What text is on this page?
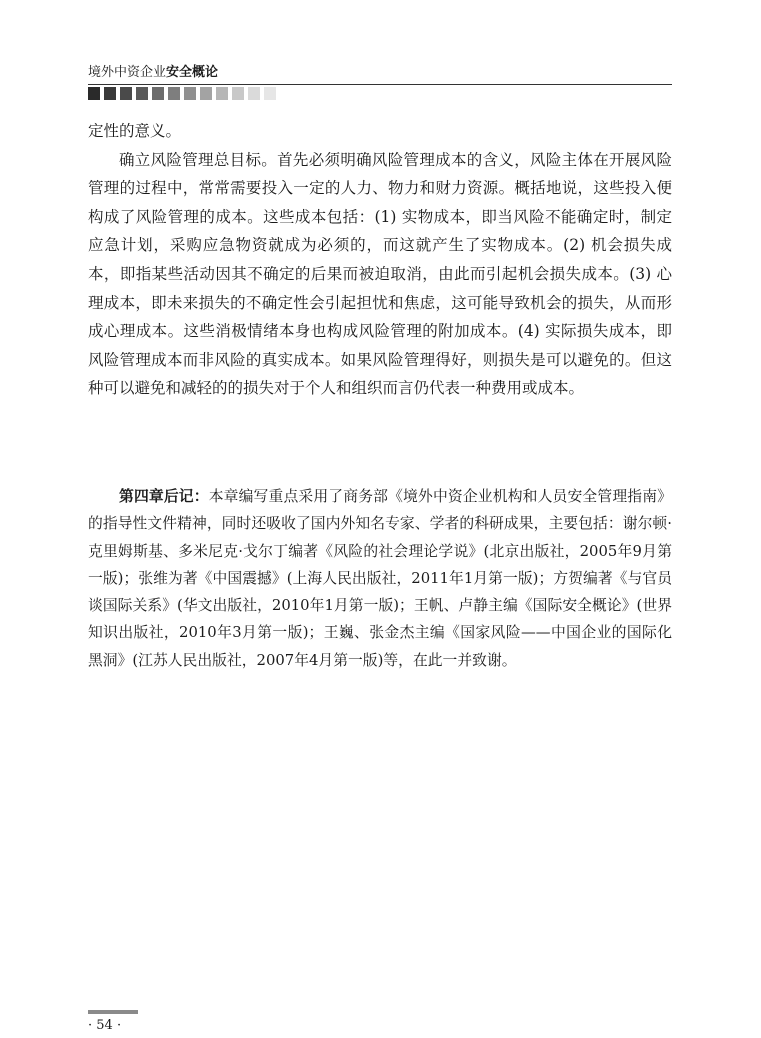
境外中资企业安全概论

定性的意义。

确立风险管理总目标。首先必须明确风险管理成本的含义，风险主体在开展风险管理的过程中，常常需要投入一定的人力、物力和财力资源。概括地说，这些投入便构成了风险管理的成本。这些成本包括：(1) 实物成本，即当风险不能确定时，制定应急计划，采购应急物资就成为必须的，而这就产生了实物成本。(2) 机会损失成本，即指某些活动因其不确定的后果而被迫取消，由此而引起机会损失成本。(3) 心理成本，即未来损失的不确定性会引起担忧和焦虑，这可能导致机会的损失，从而形成心理成本。这些消极情绪本身也构成风险管理的附加成本。(4) 实际损失成本，即风险管理成本而非风险的真实成本。如果风险管理得好，则损失是可以避免的。但这种可以避免和减轻的的损失对于个人和组织而言仍代表一种费用或成本。

第四章后记：本章编写重点采用了商务部《境外中资企业机构和人员安全管理指南》的指导性文件精神，同时还吸收了国内外知名专家、学者的科研成果，主要包括：谢尔顿·克里姆斯基、多米尼克·戈尔丁编著《风险的社会理论学说》(北京出版社，2005年9月第一版)；张维为著《中国震撼》(上海人民出版社，2011年1月第一版)；方贺编著《与官员谈国际关系》(华文出版社，2010年1月第一版)；王帆、卢静主编《国际安全概论》(世界知识出版社，2010年3月第一版)；王巍、张金杰主编《国家风险——中国企业的国际化黑洞》(江苏人民出版社，2007年4月第一版)等，在此一并致谢。

· 54 ·
